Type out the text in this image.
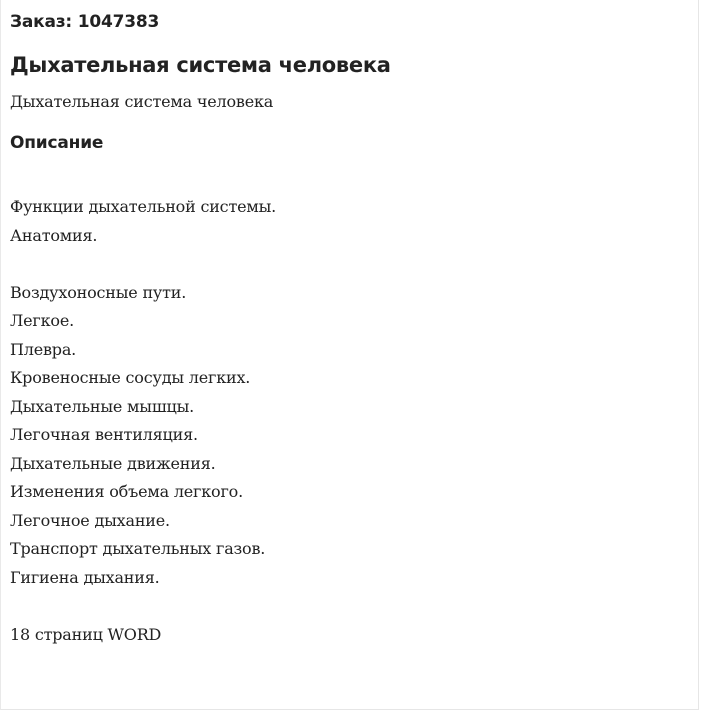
Заказ: 1047383
Дыхательная система человека
Дыхательная система человека
Описание
Функции дыхательной системы.
Анатомия.
Воздухоносные пути.
Легкое.
Плевра.
Кровеносные сосуды легких.
Дыхательные мышцы.
Легочная вентиляция.
Дыхательные движения.
Изменения объема легкого.
Легочное дыхание.
Транспорт дыхательных газов.
Гигиена дыхания.
18 страниц WORD
